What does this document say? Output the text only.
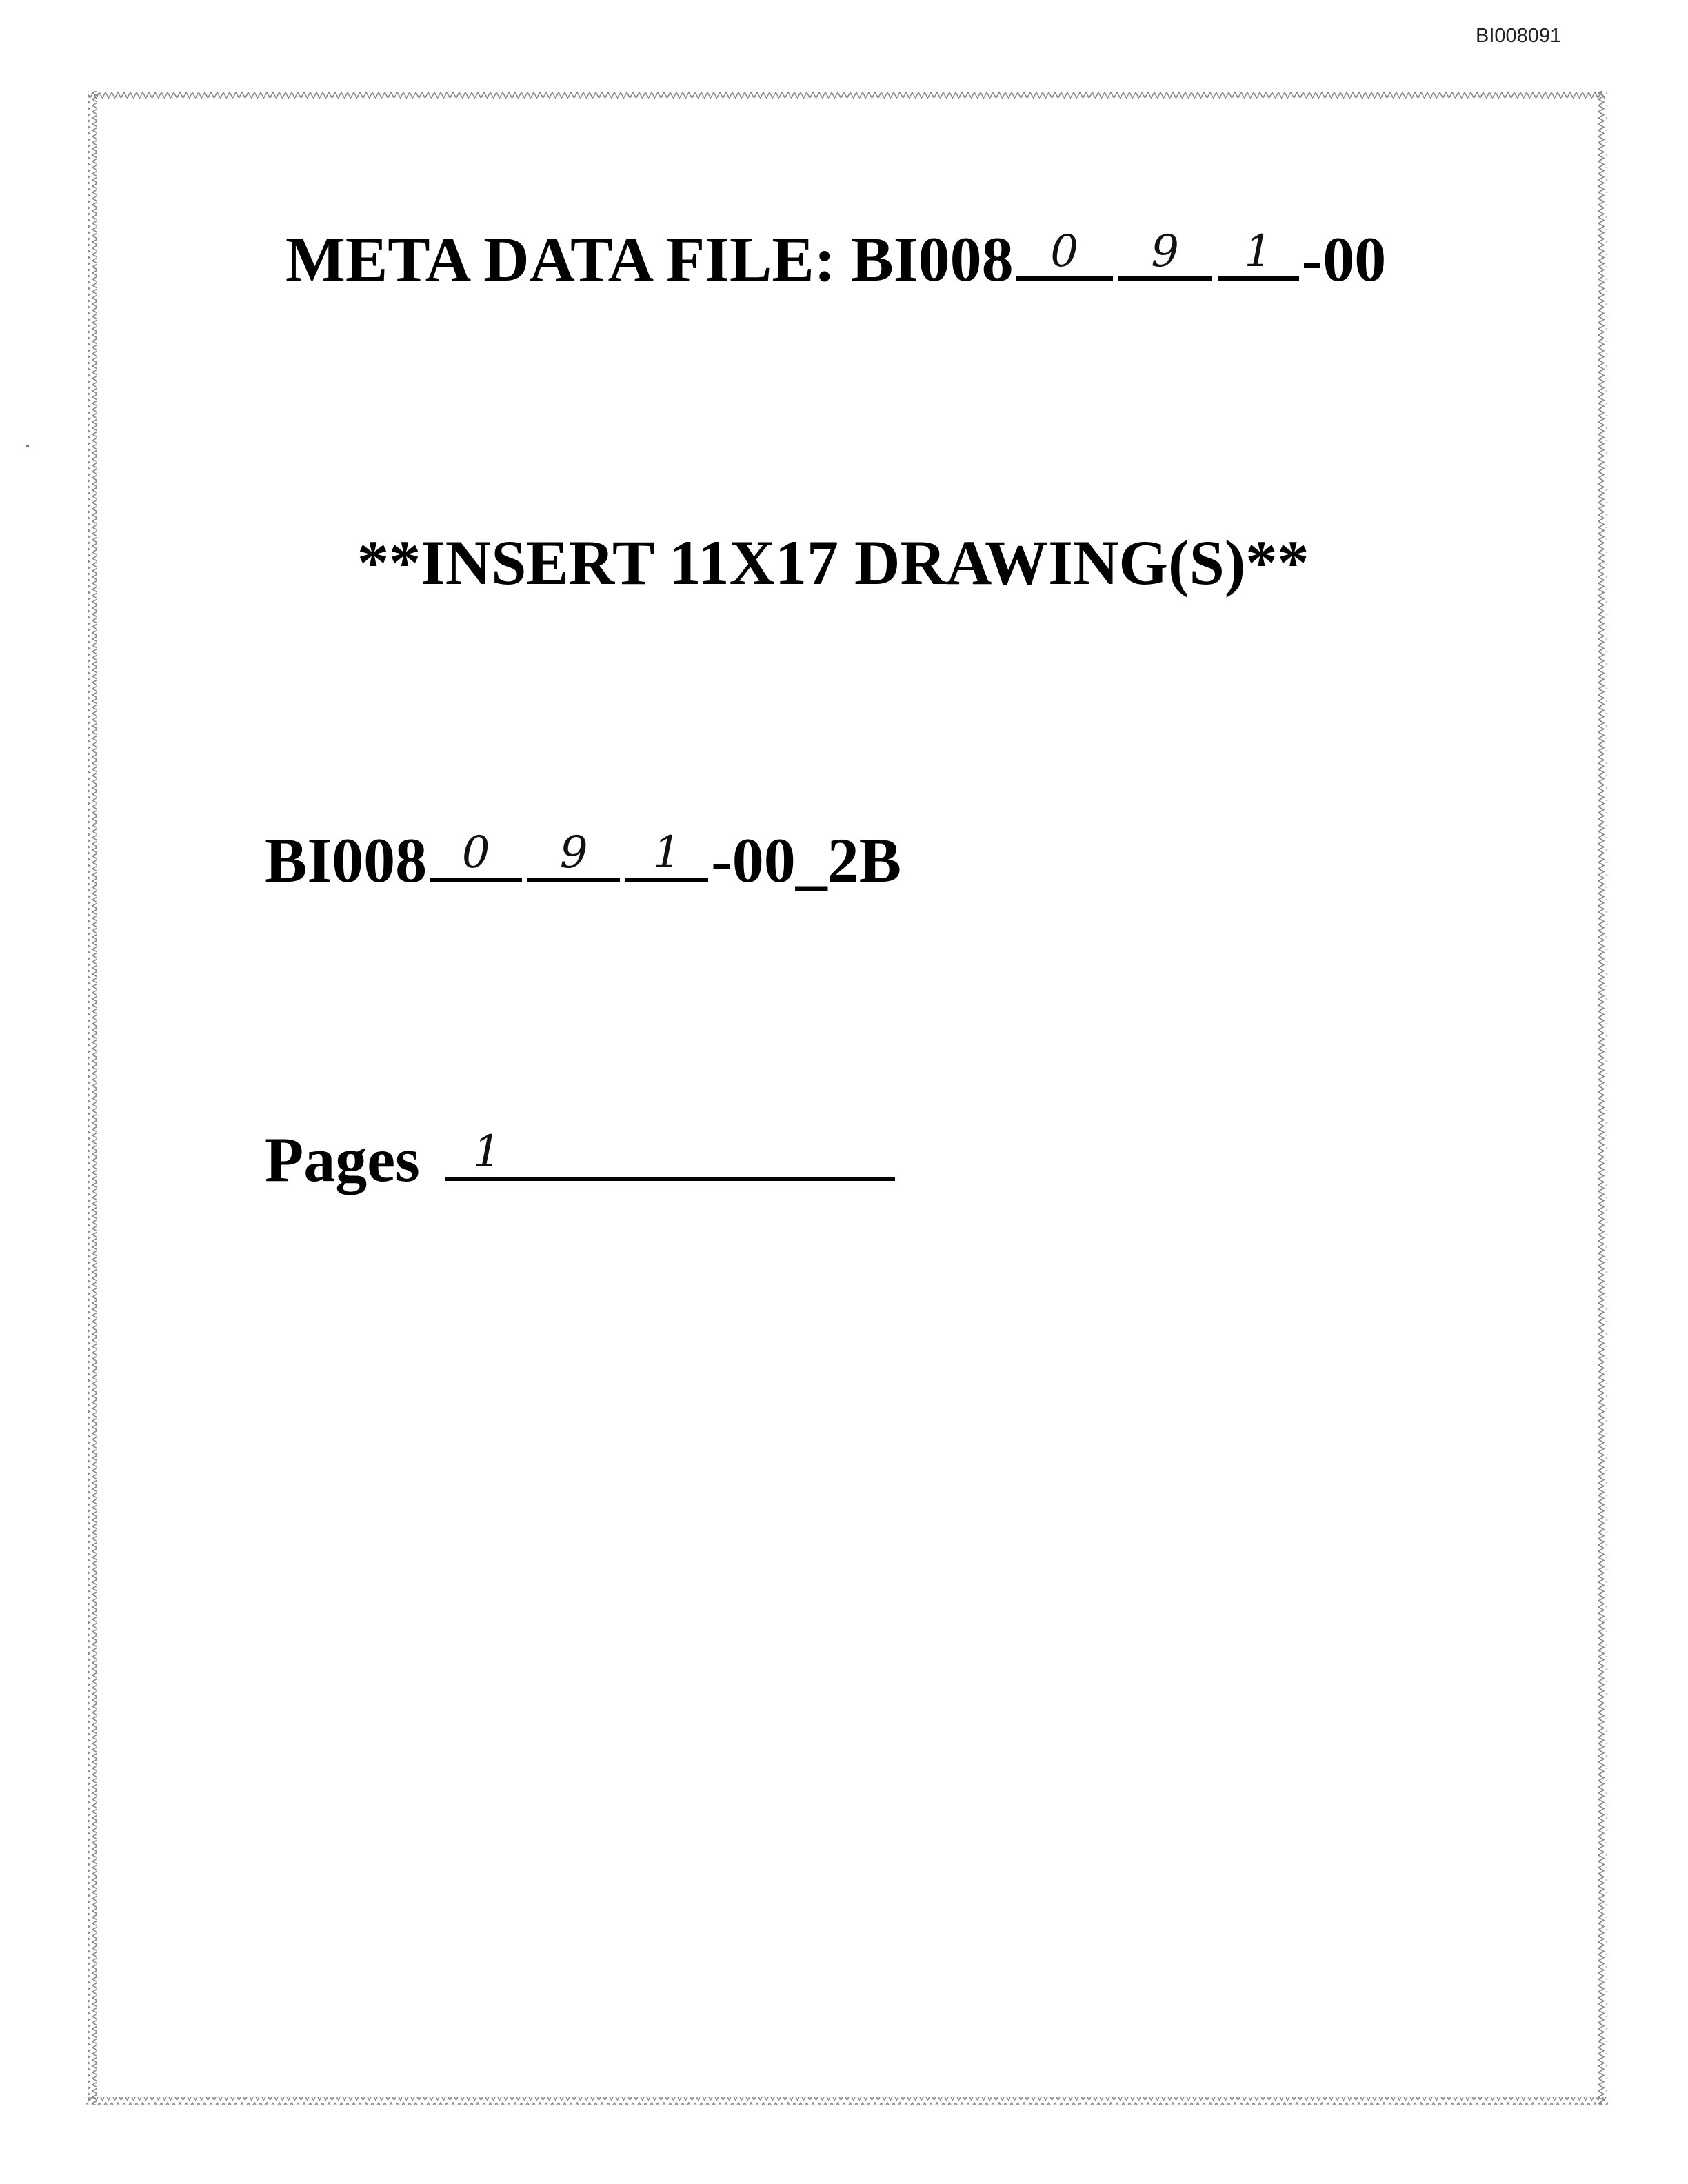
BI008091
META DATA FILE: BI008 0	9	1 -00
**INSERT 11X17 DRAWING(S)**
BI008 0	9	1 -00_2B
Pages 1
